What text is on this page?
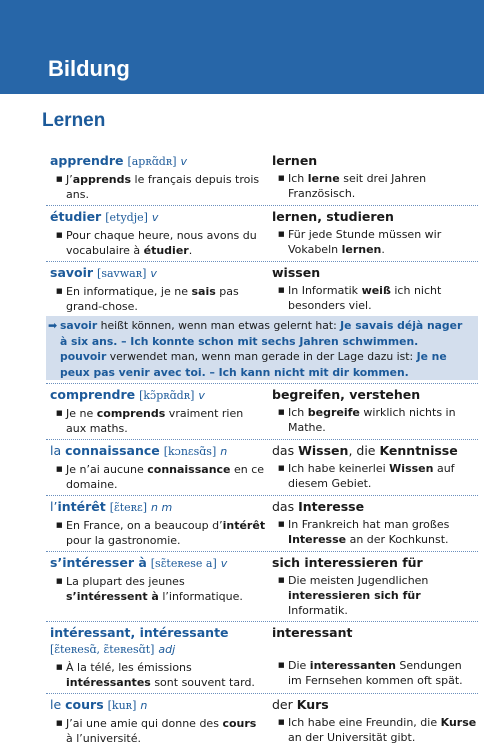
Bildung
Lernen
apprendre [apʀɑ̃dʀ] v
■ J’apprends le français depuis trois ans.
lernen
■ Ich lerne seit drei Jahren Französisch.
étudier [etydje] v
■ Pour chaque heure, nous avons du vocabulaire à étudier.
lernen, studieren
■ Für jede Stunde müssen wir Vokabeln lernen.
savoir [savwaʀ] v
■ En informatique, je ne sais pas grand-chose.
wissen
■ In Informatik weiß ich nicht besonders viel.
➡ savoir heißt können, wenn man etwas gelernt hat: Je savais déjà nager à six ans. – Ich konnte schon mit sechs Jahren schwimmen.
pouvoir verwendet man, wenn man gerade in der Lage dazu ist: Je ne peux pas venir avec toi. – Ich kann nicht mit dir kommen.
comprendre [kɔ̃pʀɑ̃dʀ] v
■ Je ne comprends vraiment rien aux maths.
begreifen, verstehen
■ Ich begreife wirklich nichts in Mathe.
la connaissance [kɔnɛsɑ̃s] n
■ Je n’ai aucune connaissance en ce domaine.
das Wissen, die Kenntnisse
■ Ich habe keinerlei Wissen auf diesem Gebiet.
l’intérêt [ɛ̃teʀɛ] n m
■ En France, on a beaucoup d’intérêt pour la gastronomie.
das Interesse
■ In Frankreich hat man großes Interesse an der Kochkunst.
s’intéresser à [sɛ̃teʀese a] v
■ La plupart des jeunes s’intéressent à l’informatique.
sich interessieren für
■ Die meisten Jugendlichen interessieren sich für Informatik.
intéressant, intéressante [ɛ̃teʀesɑ̃, ɛ̃teʀesɑ̃t] adj
■ À la télé, les émissions intéressantes sont souvent tard.
interessant
■ Die interessanten Sendungen im Fernsehen kommen oft spät.
le cours [kuʀ] n
■ J’ai une amie qui donne des cours à l’université.
der Kurs
■ Ich habe eine Freundin, die Kurse an der Universität gibt.
